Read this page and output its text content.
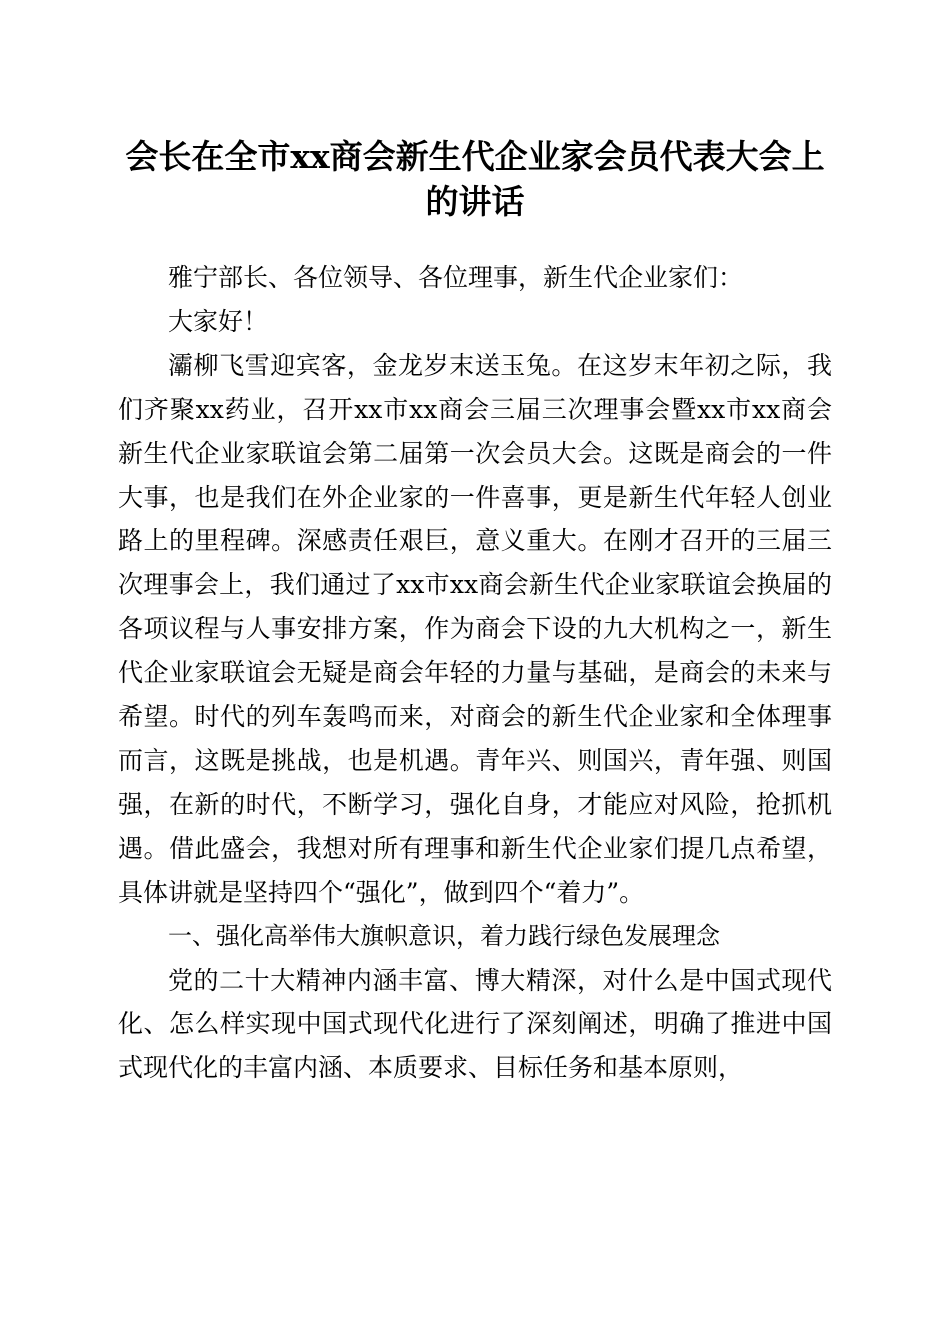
会长在全市xx商会新生代企业家会员代表大会上的讲话

雅宁部长、各位领导、各位理事，新生代企业家们：

大家好！

灞柳飞雪迎宾客，金龙岁末送玉兔。在这岁末年初之际，我们齐聚xx药业，召开xx市xx商会三届三次理事会暨xx市xx商会新生代企业家联谊会第二届第一次会员大会。这既是商会的一件大事，也是我们在外企业家的一件喜事，更是新生代年轻人创业路上的里程碑。深感责任艰巨，意义重大。在刚才召开的三届三次理事会上，我们通过了xx市xx商会新生代企业家联谊会换届的各项议程与人事安排方案，作为商会下设的九大机构之一，新生代企业家联谊会无疑是商会年轻的力量与基础，是商会的未来与希望。时代的列车轰鸣而来，对商会的新生代企业家和全体理事而言，这既是挑战，也是机遇。青年兴、则国兴，青年强、则国强，在新的时代，不断学习，强化自身，才能应对风险，抢抓机遇。借此盛会，我想对所有理事和新生代企业家们提几点希望，具体讲就是坚持四个“强化”，做到四个“着力”。

一、强化高举伟大旗帜意识，着力践行绿色发展理念

党的二十大精神内涵丰富、博大精深，对什么是中国式现代化、怎么样实现中国式现代化进行了深刻阐述，明确了推进中国式现代化的丰富内涵、本质要求、目标任务和基本原则，
